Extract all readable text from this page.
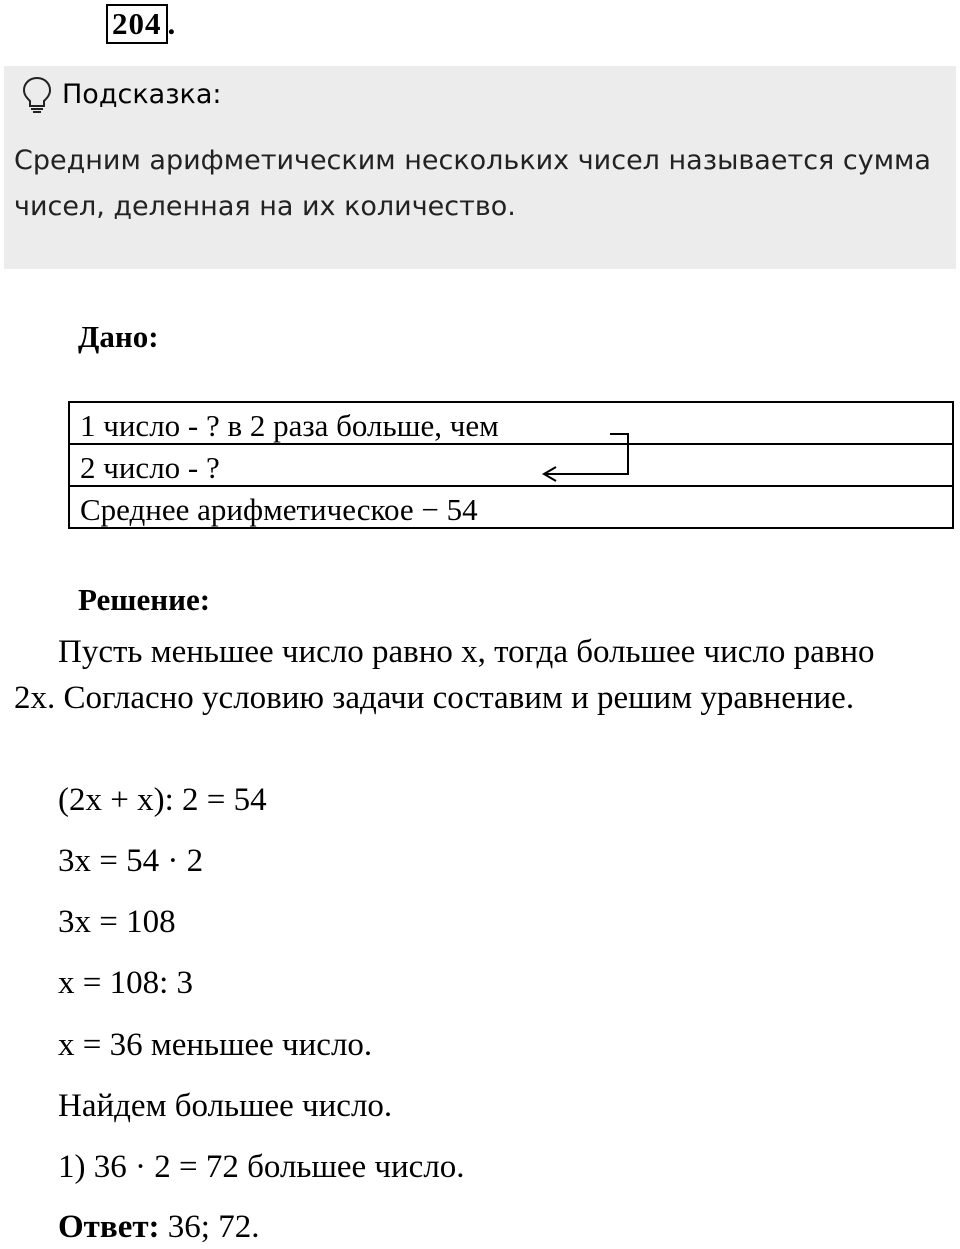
204 .
Подсказка:
Средним арифметическим нескольких чисел называется сумма чисел, деленная на их количество.
Дано:
1 число - ? в 2 раза больше, чем
2 число - ?
Среднее арифметическое − 54
Решение:
Пусть меньшее число равно x, тогда большее число равно 2x. Согласно условию задачи составим и решим уравнение.
(2x + x): 2 = 54
3x = 54 · 2
3x = 108
x = 108: 3
x = 36 меньшее число.
Найдем большее число.
1) 36 · 2 = 72 большее число.
Ответ: 36; 72.
